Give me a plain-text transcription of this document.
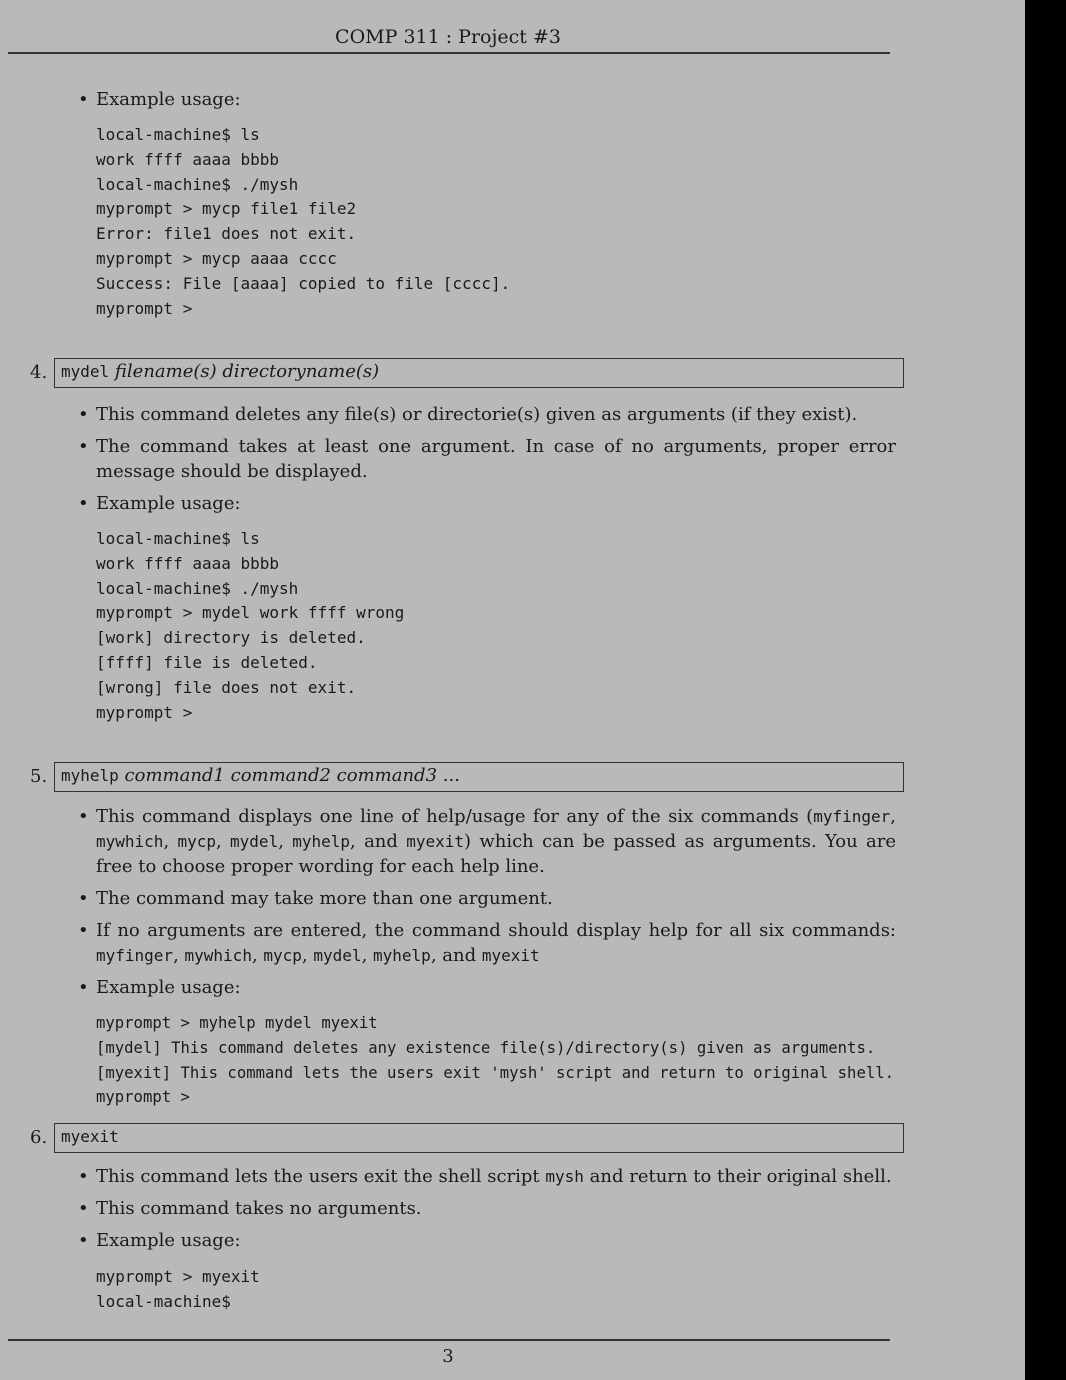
COMP 311 : Project #3
• Example usage:
local-machine$ ls
work ffff aaaa bbbb
local-machine$ ./mysh
myprompt > mycp file1 file2
Error: file1 does not exit.
myprompt > mycp aaaa cccc
Success: File [aaaa] copied to file [cccc].
myprompt >
4. mydel filename(s) directoryname(s)
• This command deletes any file(s) or directorie(s) given as arguments (if they exist).
• The command takes at least one argument. In case of no arguments, proper error message should be displayed.
• Example usage:
local-machine$ ls
work ffff aaaa bbbb
local-machine$ ./mysh
myprompt > mydel work ffff wrong
[work] directory is deleted.
[ffff] file is deleted.
[wrong] file does not exit.
myprompt >
5. myhelp command1 command2 command3 ...
• This command displays one line of help/usage for any of the six commands (myfinger, mywhich, mycp, mydel, myhelp, and myexit) which can be passed as arguments. You are free to choose proper wording for each help line.
• The command may take more than one argument.
• If no arguments are entered, the command should display help for all six commands: myfinger, mywhich, mycp, mydel, myhelp, and myexit
• Example usage:
myprompt > myhelp mydel myexit
[mydel] This command deletes any existence file(s)/directory(s) given as arguments.
[myexit] This command lets the users exit 'mysh' script and return to original shell.
myprompt >
6. myexit
• This command lets the users exit the shell script mysh and return to their original shell.
• This command takes no arguments.
• Example usage:
myprompt > myexit
local-machine$
3
